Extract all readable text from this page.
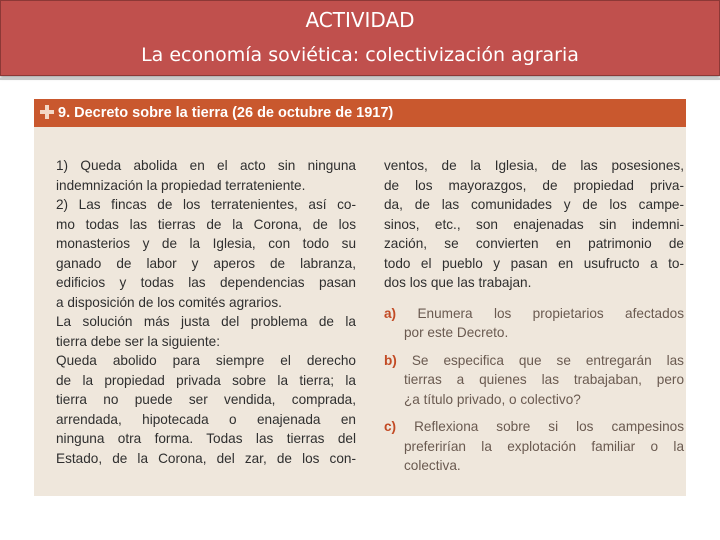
ACTIVIDAD
La economía soviética: colectivización agraria
9. Decreto sobre la tierra (26 de octubre de 1917)
1) Queda abolida en el acto sin ninguna
indemnización la propiedad terrateniente.
2) Las fincas de los terratenientes, así co-
mo todas las tierras de la Corona, de los
monasterios y de la Iglesia, con todo su
ganado de labor y aperos de labranza,
edificios y todas las dependencias pasan
a disposición de los comités agrarios.
La solución más justa del problema de la
tierra debe ser la siguiente:
Queda abolido para siempre el derecho
de la propiedad privada sobre la tierra; la
tierra no puede ser vendida, comprada,
arrendada, hipotecada o enajenada en
ninguna otra forma. Todas las tierras del
Estado, de la Corona, del zar, de los con-
ventos, de la Iglesia, de las posesiones,
de los mayorazgos, de propiedad priva-
da, de las comunidades y de los campe-
sinos, etc., son enajenadas sin indemni-
zación, se convierten en patrimonio de
todo el pueblo y pasan en usufructo a to-
dos los que las trabajan.
a) Enumera los propietarios afectados
por este Decreto.
b) Se especifica que se entregarán las
tierras a quienes las trabajaban, pero
¿a título privado, o colectivo?
c) Reflexiona sobre si los campesinos
preferirían la explotación familiar o la
colectiva.
